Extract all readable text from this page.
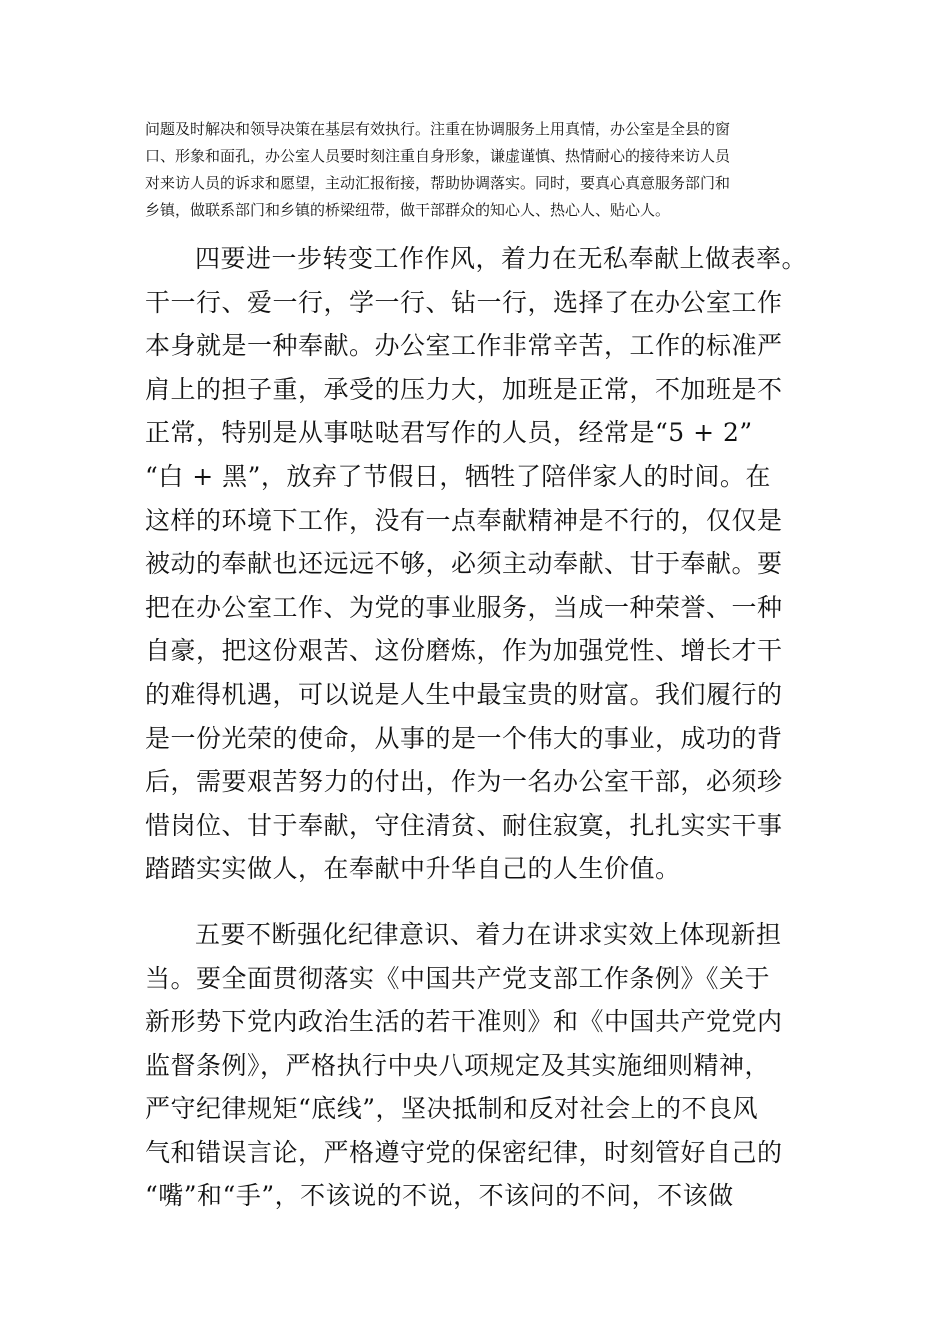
问题及时解决和领导决策在基层有效执行。注重在协调服务上用真情，办公室是全县的窗
口、形象和面孔，办公室人员要时刻注重自身形象，谦虚谨慎、热情耐心的接待来访人员
对来访人员的诉求和愿望，主动汇报衔接，帮助协调落实。同时，要真心真意服务部门和
乡镇，做联系部门和乡镇的桥梁纽带，做干部群众的知心人、热心人、贴心人。
四要进一步转变工作作风，着力在无私奉献上做表率。
干一行、爱一行，学一行、钻一行，选择了在办公室工作
本身就是一种奉献。办公室工作非常辛苦，工作的标准严
肩上的担子重，承受的压力大，加班是正常，不加班是不
正常，特别是从事哒哒君写作的人员，经常是“5 + 2”
“白 + 黑”，放弃了节假日，牺牲了陪伴家人的时间。在
这样的环境下工作，没有一点奉献精神是不行的，仅仅是
被动的奉献也还远远不够，必须主动奉献、甘于奉献。要
把在办公室工作、为党的事业服务，当成一种荣誉、一种
自豪，把这份艰苦、这份磨炼，作为加强党性、增长才干
的难得机遇，可以说是人生中最宝贵的财富。我们履行的
是一份光荣的使命，从事的是一个伟大的事业，成功的背
后，需要艰苦努力的付出，作为一名办公室干部，必须珍
惜岗位、甘于奉献，守住清贫、耐住寂寞，扎扎实实干事
踏踏实实做人，在奉献中升华自己的人生价值。
五要不断强化纪律意识、着力在讲求实效上体现新担
当。要全面贯彻落实《中国共产党支部工作条例》《关于
新形势下党内政治生活的若干准则》和《中国共产党党内
监督条例》，严格执行中央八项规定及其实施细则精神，
严守纪律规矩“底线”，坚决抵制和反对社会上的不良风
气和错误言论，严格遵守党的保密纪律，时刻管好自己的
“嘴”和“手”，不该说的不说，不该问的不问，不该做
